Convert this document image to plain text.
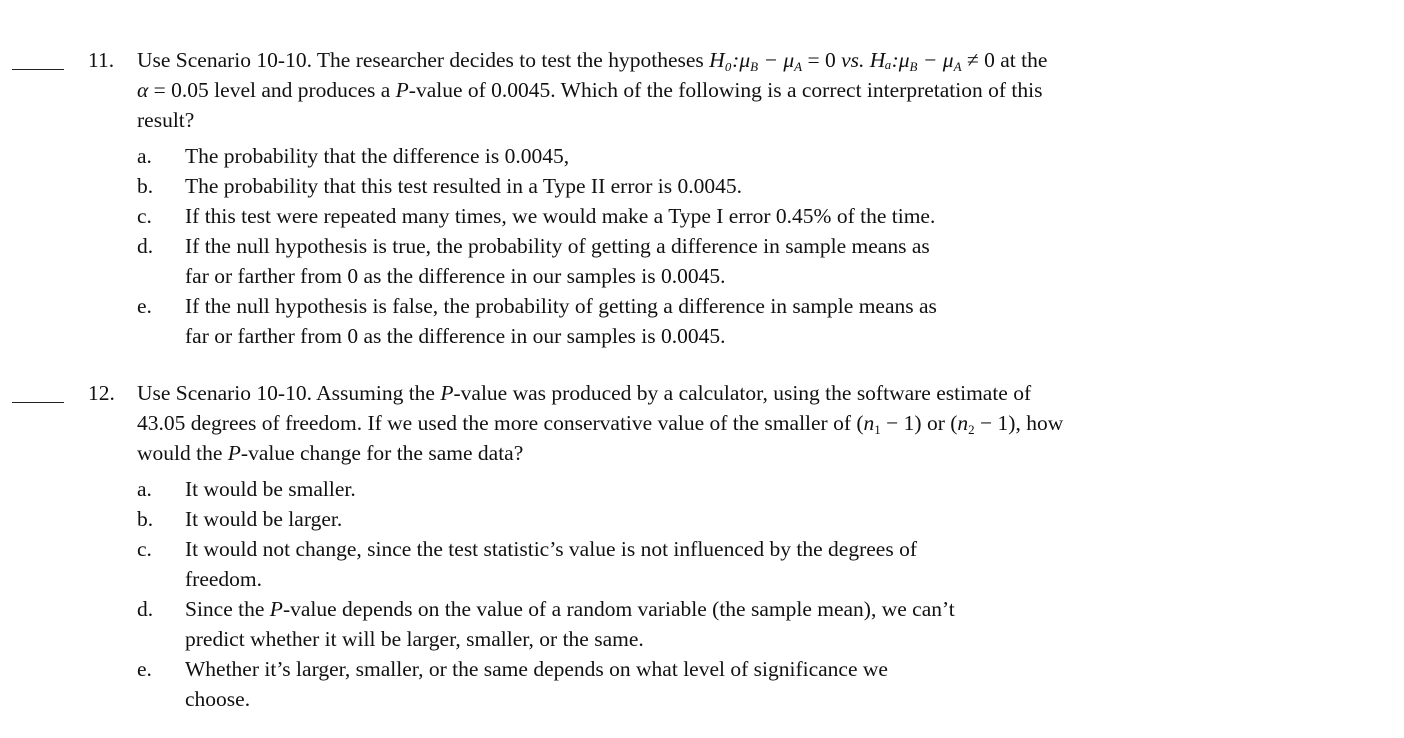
11. Use Scenario 10-10. The researcher decides to test the hypotheses $H_0:\mu_B - \mu_A = 0$ vs. $H_a:\mu_B - \mu_A \ne 0$ at the
α = 0.05 level and produces a P-value of 0.0045. Which of the following is a correct interpretation of this
result?
a.	The probability that the difference is 0.0045,
b.	The probability that this test resulted in a Type II error is 0.0045.
c.	If this test were repeated many times, we would make a Type I error 0.45% of the time.
d.	If the null hypothesis is true, the probability of getting a difference in sample means as
far or farther from 0 as the difference in our samples is 0.0045.
e.	If the null hypothesis is false, the probability of getting a difference in sample means as
far or farther from 0 as the difference in our samples is 0.0045.
12. Use Scenario 10-10. Assuming the P-value was produced by a calculator, using the software estimate of
43.05 degrees of freedom. If we used the more conservative value of the smaller of $(n_1 - 1)$ or $(n_2 - 1)$, how
would the P-value change for the same data?
a.	It would be smaller.
b.	It would be larger.
c.	It would not change, since the test statistic’s value is not influenced by the degrees of
freedom.
d.	Since the P-value depends on the value of a random variable (the sample mean), we can’t
predict whether it will be larger, smaller, or the same.
e.	Whether it’s larger, smaller, or the same depends on what level of significance we
choose.
